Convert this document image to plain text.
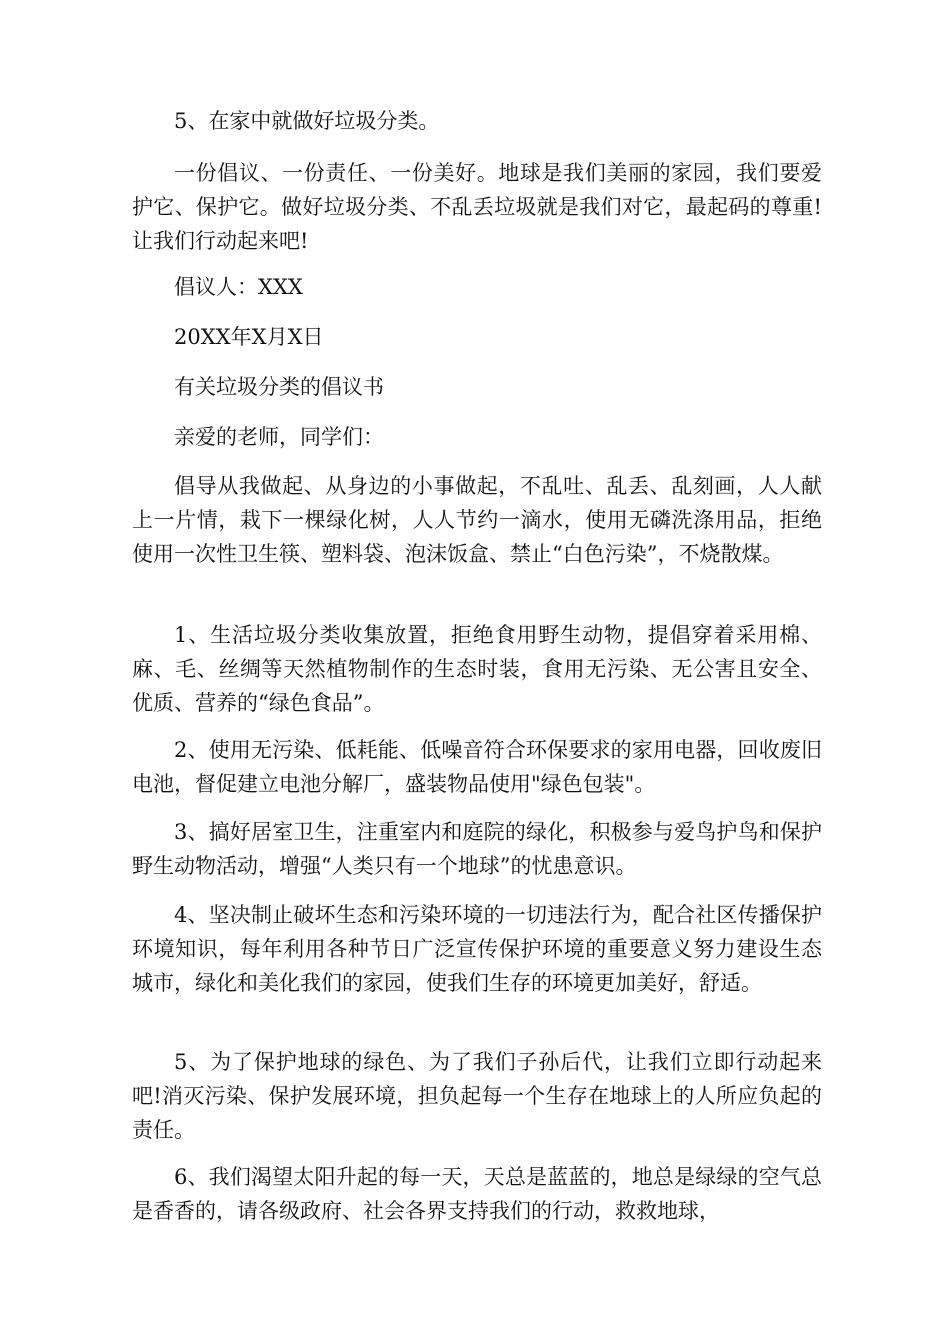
5、在家中就做好垃圾分类。

一份倡议、一份责任、一份美好。地球是我们美丽的家园，我们要爱护它、保护它。做好垃圾分类、不乱丢垃圾就是我们对它，最起码的尊重!让我们行动起来吧!

倡议人：XXX

20XX年X月X日

有关垃圾分类的倡议书

亲爱的老师，同学们：

倡导从我做起、从身边的小事做起，不乱吐、乱丢、乱刻画，人人献上一片情，栽下一棵绿化树，人人节约一滴水，使用无磷洗涤用品，拒绝使用一次性卫生筷、塑料袋、泡沫饭盒、禁止“白色污染”，不烧散煤。

1、生活垃圾分类收集放置，拒绝食用野生动物，提倡穿着采用棉、麻、毛、丝绸等天然植物制作的生态时装，食用无污染、无公害且安全、优质、营养的“绿色食品”。

2、使用无污染、低耗能、低噪音符合环保要求的家用电器，回收废旧电池，督促建立电池分解厂，盛装物品使用"绿色包装"。

3、搞好居室卫生，注重室内和庭院的绿化，积极参与爱鸟护鸟和保护野生动物活动，增强“人类只有一个地球”的忧患意识。

4、坚决制止破坏生态和污染环境的一切违法行为，配合社区传播保护环境知识，每年利用各种节日广泛宣传保护环境的重要意义努力建设生态城市，绿化和美化我们的家园，使我们生存的环境更加美好，舒适。

5、为了保护地球的绿色、为了我们子孙后代，让我们立即行动起来吧!消灭污染、保护发展环境，担负起每一个生存在地球上的人所应负起的责任。

6、我们渴望太阳升起的每一天，天总是蓝蓝的，地总是绿绿的空气总是香香的，请各级政府、社会各界支持我们的行动，救救地球，
